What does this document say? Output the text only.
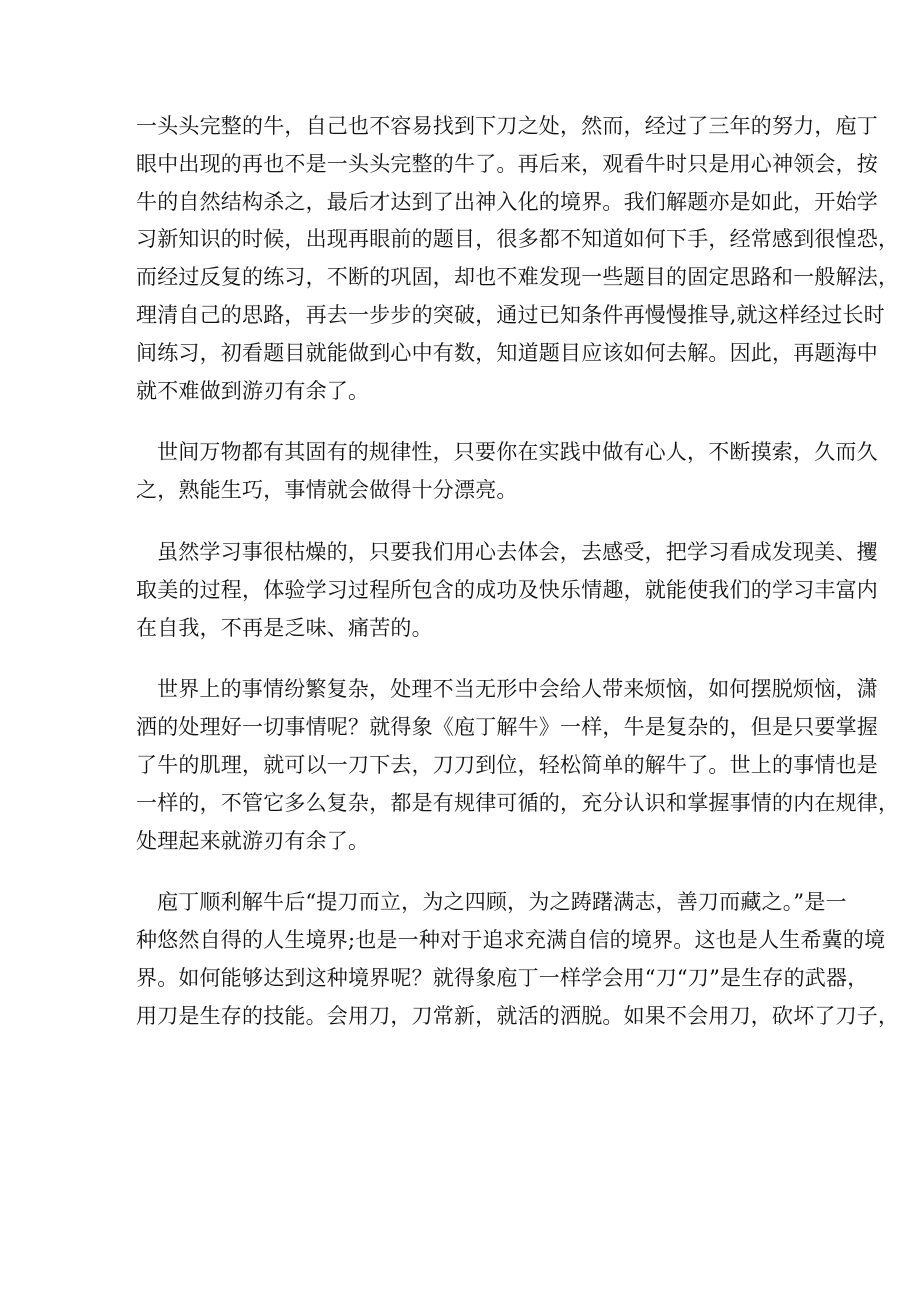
一头头完整的牛，自己也不容易找到下刀之处，然而，经过了三年的努力，庖丁
眼中出现的再也不是一头头完整的牛了。再后来，观看牛时只是用心神领会，按
牛的自然结构杀之，最后才达到了出神入化的境界。我们解题亦是如此，开始学
习新知识的时候，出现再眼前的题目，很多都不知道如何下手，经常感到很惶恐，
而经过反复的练习，不断的巩固，却也不难发现一些题目的固定思路和一般解法，
理清自己的思路，再去一步步的突破，通过已知条件再慢慢推导,就这样经过长时
间练习，初看题目就能做到心中有数，知道题目应该如何去解。因此，再题海中
就不难做到游刃有余了。
世间万物都有其固有的规律性，只要你在实践中做有心人，不断摸索，久而久
之，熟能生巧，事情就会做得十分漂亮。
虽然学习事很枯燥的，只要我们用心去体会，去感受，把学习看成发现美、攫
取美的过程，体验学习过程所包含的成功及快乐情趣，就能使我们的学习丰富内
在自我，不再是乏味、痛苦的。
世界上的事情纷繁复杂，处理不当无形中会给人带来烦恼，如何摆脱烦恼，潇
洒的处理好一切事情呢？就得象《庖丁解牛》一样，牛是复杂的，但是只要掌握
了牛的肌理，就可以一刀下去，刀刀到位，轻松简单的解牛了。世上的事情也是
一样的，不管它多么复杂，都是有规律可循的，充分认识和掌握事情的内在规律，
处理起来就游刃有余了。
庖丁顺利解牛后“提刀而立，为之四顾，为之踌躇满志，善刀而藏之。”是一
种悠然自得的人生境界;也是一种对于追求充满自信的境界。这也是人生希冀的境
界。如何能够达到这种境界呢？就得象庖丁一样学会用“刀“刀”是生存的武器，
用刀是生存的技能。会用刀，刀常新，就活的洒脱。如果不会用刀，砍坏了刀子，
